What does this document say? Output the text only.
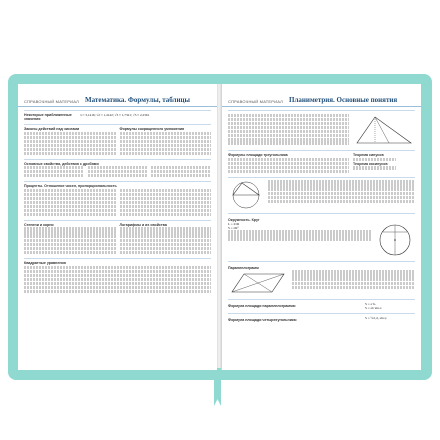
СПРАВОЧНЫЙ МАТЕРИАЛ Математика. Формулы, таблицы
Некоторые приближенные значения
π ≈ 3,1416; √2 ≈ 1,4142; √3 ≈ 1,7321; √5 ≈ 2,2361
Законы действий над числами	Формулы сокращенного умножения
Основные свойства, действия с дробями
Проценты. Отношение чисел, пропорциональность
Степени и корни	Логарифмы и их свойства
Квадратные уравнения
СПРАВОЧНЫЙ МАТЕРИАЛ Планиметрия. Основные понятия
Формулы площади треугольника	Теорема синусов
Теорема косинусов
Окружность. Круг
L = 2πR
S = πR²
Параллелограмм
Формула площади параллелограмма:	S = a·hₐ
S = ab·sin α
Формула площади четырехугольника:	S = ½d₁d₂ sin φ
